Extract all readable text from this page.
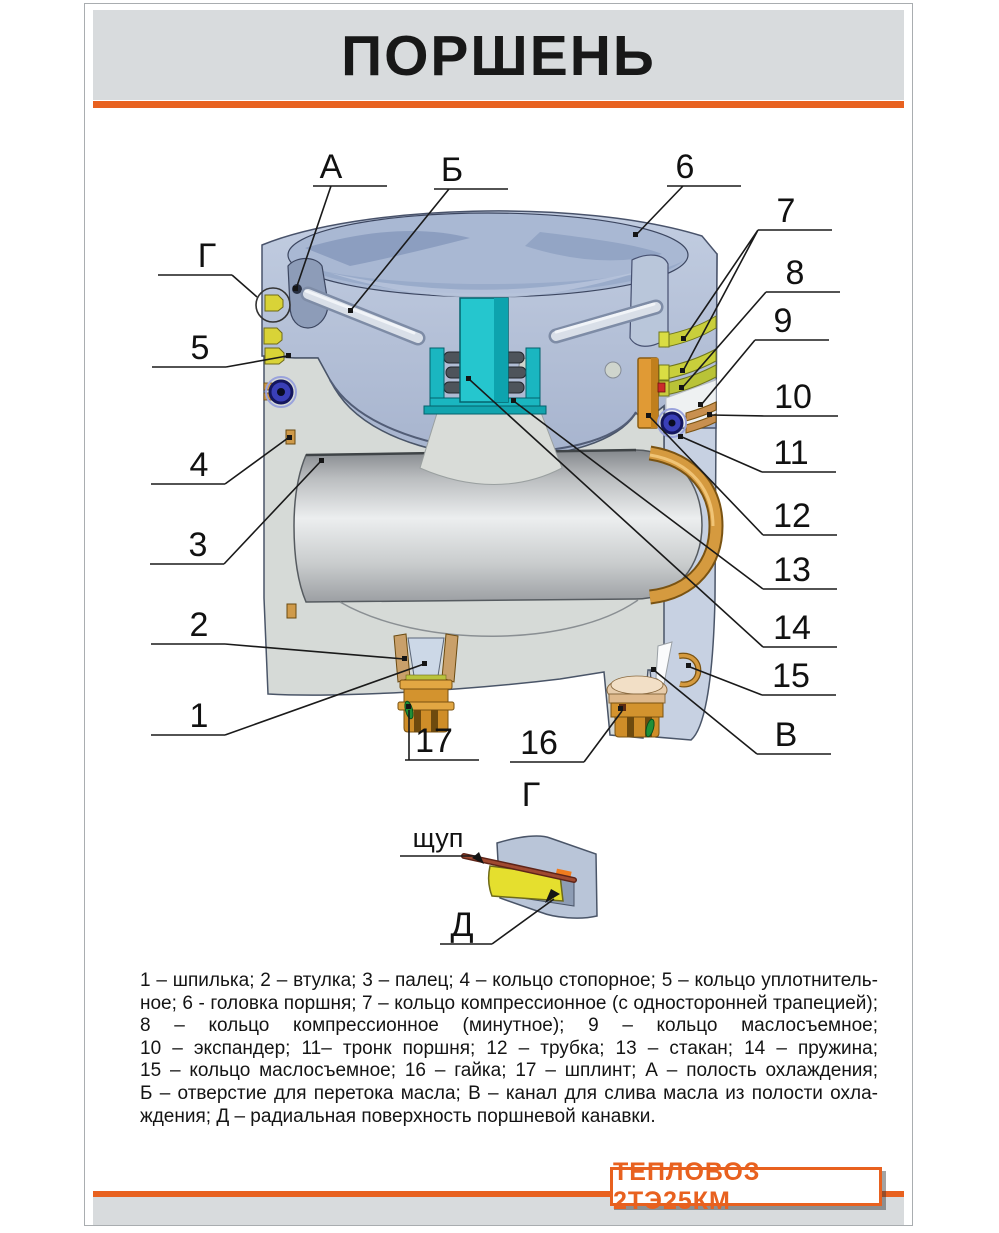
ПОРШЕНЬ
А	Б	6
7
8
9
10
11
12
13
14
15
В
Г
5
4
3
2
1
17 16
Г
щуп
Д
1 – шпилька; 2 – втулка; 3 – палец; 4 – кольцо стопорное; 5 – кольцо уплотнитель-
ное; 6 - головка поршня; 7 – кольцо компрессионное (с односторонней трапецией);
8 – кольцо компрессионное (минутное); 9 – кольцо маслосъемное;
10 – экспандер; 11– тронк поршня; 12 – трубка; 13 – стакан; 14 – пружина;
15 – кольцо маслосъемное; 16 – гайка; 17 – шплинт; А – полость охлаждения;
Б – отверстие для перетока масла; В – канал для слива масла из полости охла-
ждения; Д – радиальная поверхность поршневой канавки.
ТЕПЛОВОЗ 2ТЭ25КМ
